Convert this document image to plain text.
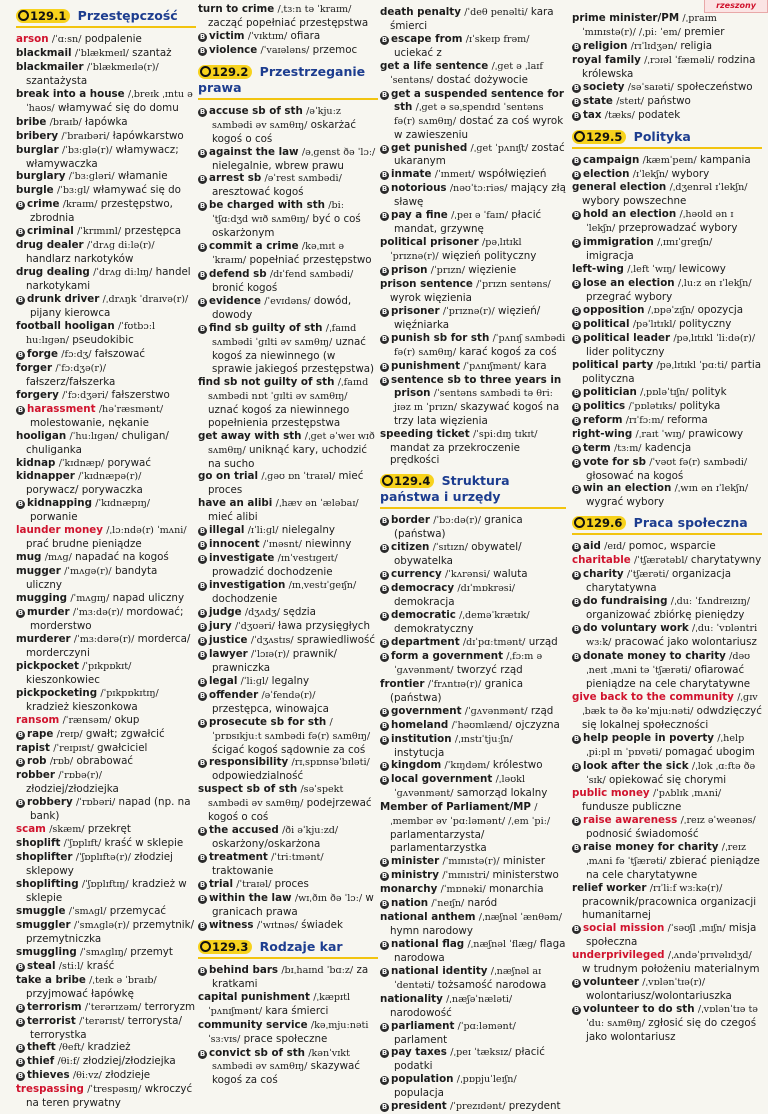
rzeszony
129.1 Przestępczość

arson /ˈɑːsn/ podpalenie

blackmail /ˈblækmeɪl/ szantaż

blackmailer /ˈblækmeɪlə(r)/ szantażysta

break into a house /ˌbreɪk ˌɪntu ə ˈhaʊs/ włamywać się do domu

bribe /braɪb/ łapówka

bribery /ˈbraɪbəri/ łapówkarstwo

burglar /ˈbɜːɡlə(r)/ włamywacz; włamywaczka

burglary /ˈbɜːɡləri/ włamanie

burgle /ˈbɜːɡl/ włamywać się do

B crime /kraɪm/ przestępstwo, zbrodnia

B criminal /ˈkrɪmɪnl/ przestępca

drug dealer /ˈdrʌɡ diːlə(r)/ handlarz narkotyków

drug dealing /ˈdrʌɡ diːlɪŋ/ handel narkotykami

B drunk driver /ˌdrʌŋk ˈdraɪvə(r)/ pijany kierowca

football hooligan /ˈfʊtbɔːl huːlɪɡən/ pseudokibic

B forge /fɔːdʒ/ fałszować

forger /ˈfɔːdʒə(r)/ fałszerz/fałszerka

forgery /ˈfɔːdʒəri/ fałszerstwo

B harassment /həˈræsmənt/ molestowanie, nękanie

hooligan /ˈhuːlɪɡən/ chuligan/ chuliganka

kidnap /ˈkɪdnæp/ porywać

kidnapper /ˈkɪdnæpə(r)/ porywacz/ porywaczka

B kidnapping /ˈkɪdnæpɪŋ/ porwanie

launder money /ˌlɔːndə(r) ˈmʌni/ prać brudne pieniądze

mug /mʌɡ/ napadać na kogoś

mugger /ˈmʌɡə(r)/ bandyta uliczny

mugging /ˈmʌɡɪŋ/ napad uliczny

B murder /ˈmɜːdə(r)/ mordować; morderstwo

murderer /ˈmɜːdərə(r)/ morderca/ morderczyni

pickpocket /ˈpɪkpɒkɪt/ kieszonkowiec

pickpocketing /ˈpɪkpɒkɪtɪŋ/ kradzież kieszonkowa

ransom /ˈrænsəm/ okup

B rape /reɪp/ gwałt; zgwałcić

rapist /ˈreɪpɪst/ gwałciciel

B rob /rɒb/ obrabować

robber /ˈrɒbə(r)/ złodziej/złodziejka

B robbery /ˈrɒbəri/ napad (np. na bank)

scam /skæm/ przekręt

shoplift /ˈʃɒplɪft/ kraść w sklepie

shoplifter /ˈʃɒplɪftə(r)/ złodziej sklepowy

shoplifting /ˈʃɒplɪftɪŋ/ kradzież w sklepie

smuggle /ˈsmʌɡl/ przemycać

smuggler /ˈsmʌɡlə(r)/ przemytnik/ przemytniczka

smuggling /ˈsmʌɡlɪŋ/ przemyt

B steal /stiːl/ kraść

take a bribe /ˌteɪk ə ˈbraɪb/ przyjmować łapówkę

B terrorism /ˈterərɪzəm/ terroryzm

B terrorist /ˈterərɪst/ terrorysta/ terrorystka

B theft /θeft/ kradzież

B thief /θiːf/ złodziej/złodziejka

B thieves /θiːvz/ złodzieje

trespassing /ˈtrespəsɪŋ/ wkroczyć na teren prywatny

turn to crime /ˌtɜːn tə ˈkraɪm/ zacząć popełniać przestępstwa

B victim /ˈvɪktɪm/ ofiara

B violence /ˈvaɪələns/ przemoc

129.2 Przestrzeganie prawa

B accuse sb of sth /əˈkjuːz sʌmbədi əv sʌmθɪŋ/ oskarżać kogoś o coś

B against the law /əˌɡenst ðə ˈlɔː/ nielegalnie, wbrew prawu

B arrest sb /əˈrest sʌmbədi/ aresztować kogoś

B be charged with sth /biː ˈtʃɑːdʒd wɪð sʌmθɪŋ/ być o coś oskarżonym

B commit a crime /kəˌmɪt ə ˈkraɪm/ popełniać przestępstwo

B defend sb /dɪˈfend sʌmbədi/ bronić kogoś

B evidence /ˈevɪdəns/ dowód, dowody

B find sb guilty of sth /ˌfaɪnd sʌmbədi ˈɡɪlti əv sʌmθɪŋ/ uznać kogoś za niewinnego (w sprawie jakiegoś przestępstwa)

find sb not guilty of sth /ˌfaɪnd sʌmbədi nɒt ˈɡɪlti əv sʌmθɪŋ/ uznać kogoś za niewinnego popełnienia przestępstwa

get away with sth /ˌɡet əˈweɪ wɪð sʌmθɪŋ/ uniknąć kary, uchodzić na sucho

go on trial /ˌɡəʊ ɒn ˈtraɪəl/ mieć proces

have an alibi /ˌhæv ən ˈæləbaɪ/ mieć alibi

B illegal /ɪˈliːɡl/ nielegalny

B innocent /ˈɪnəsnt/ niewinny

B investigate /ɪnˈvestɪɡeɪt/ prowadzić dochodzenie

B investigation /ɪnˌvestɪˈɡeɪʃn/ dochodzenie

B judge /dʒʌdʒ/ sędzia

B jury /ˈdʒʊəri/ ława przysięgłych

B justice /ˈdʒʌstɪs/ sprawiedliwość

B lawyer /ˈlɔɪə(r)/ prawnik/ prawniczka

B legal /ˈliːɡl/ legalny

B offender /əˈfendə(r)/ przestępca, winowajca

B prosecute sb for sth /ˈprɒsɪkjuːt sʌmbədi fə(r) sʌmθɪŋ/ ścigać kogoś sądownie za coś

B responsibility /rɪˌspɒnsəˈbɪləti/ odpowiedzialność

suspect sb of sth /səˈspekt sʌmbədi əv sʌmθɪŋ/ podejrzewać kogoś o coś

B the accused /ði əˈkjuːzd/ oskarżony/oskarżona

B treatment /ˈtriːtmənt/ traktowanie

B trial /ˈtraɪəl/ proces

B within the law /wɪˌðɪn ðə ˈlɔː/ w granicach prawa

B witness /ˈwɪtnəs/ świadek

129.3 Rodzaje kar

B behind bars /bɪˌhaɪnd ˈbɑːz/ za kratkami

capital punishment /ˌkæpɪtl ˈpʌnɪʃmənt/ kara śmierci

community service /kəˌmjuːnəti ˈsɜːvɪs/ prace społeczne

B convict sb of sth /kənˈvɪkt sʌmbədi əv sʌmθɪŋ/ skazywać kogoś za coś

death penalty /ˈdeθ penəlti/ kara śmierci

B escape from /ɪˈskeɪp frəm/ uciekać z

get a life sentence /ˌɡet ə ˌlaɪf ˈsentəns/ dostać dożywocie

B get a suspended sentence for sth /ˌɡet ə səˌspendɪd ˈsentəns fə(r) sʌmθɪŋ/ dostać za coś wyrok w zawieszeniu

B get punished /ˌɡet ˈpʌnɪʃt/ zostać ukaranym

B inmate /ˈɪnmeɪt/ współwięzień

B notorious /nəʊˈtɔːriəs/ mający złą sławę

B pay a fine /ˌpeɪ ə ˈfaɪn/ płacić mandat, grzywnę

political prisoner /pəˌlɪtɪkl ˈprɪznə(r)/ więzień polityczny

B prison /ˈprɪzn/ więzienie

prison sentence /ˈprɪzn sentəns/ wyrok więzienia

B prisoner /ˈprɪznə(r)/ więzień/ więźniarka

B punish sb for sth /ˈpʌnɪʃ sʌmbədi fə(r) sʌmθɪŋ/ karać kogoś za coś

B punishment /ˈpʌnɪʃmənt/ kara

B sentence sb to three years in prison /ˈsentəns sʌmbədi tə θriː jɪəz ɪn ˈprɪzn/ skazywać kogoś na trzy lata więzienia

speeding ticket /ˈspiːdɪŋ tɪkɪt/ mandat za przekroczenie prędkości

129.4 Struktura państwa i urzędy

B border /ˈbɔːdə(r)/ granica (państwa)

B citizen /ˈsɪtɪzn/ obywatel/ obywatelka

B currency /ˈkʌrənsi/ waluta

B democracy /dɪˈmɒkrəsi/ demokracja

B democratic /ˌdeməˈkrætɪk/ demokratyczny

B department /dɪˈpɑːtmənt/ urząd

B form a government /ˌfɔːm ə ˈɡʌvənmənt/ tworzyć rząd

frontier /ˈfrʌntɪə(r)/ granica (państwa)

B government /ˈɡʌvənmənt/ rząd

B homeland /ˈhəʊmlænd/ ojczyzna

B institution /ˌɪnstɪˈtjuːʃn/ instytucja

B kingdom /ˈkɪŋdəm/ królestwo

B local government /ˌləʊkl ˈɡʌvənmənt/ samorząd lokalny

Member of Parliament/MP /ˌmembər əv ˈpɑːləmənt/ /ˌem ˈpiː/ parlamentarzysta/ parlamentarzystka

B minister /ˈmɪnɪstə(r)/ minister

B ministry /ˈmɪnɪstri/ ministerstwo

monarchy /ˈmɒnəki/ monarchia

B nation /ˈneɪʃn/ naród

national anthem /ˌnæʃnəl ˈænθəm/ hymn narodowy

B national flag /ˌnæʃnəl ˈflæɡ/ flaga narodowa

B national identity /ˌnæʃnəl aɪˈdentəti/ tożsamość narodowa

nationality /ˌnæʃəˈnæləti/ narodowość

B parliament /ˈpɑːləmənt/ parlament

B pay taxes /ˌpeɪ ˈtæksɪz/ płacić podatki

B population /ˌpɒpjuˈleɪʃn/ populacja

B president /ˈprezɪdənt/ prezydent

prime minister/PM /ˌpraɪm ˈmɪnɪstə(r)/ /ˌpiː ˈem/ premier

B religion /rɪˈlɪdʒən/ religia

royal family /ˌrɔɪəl ˈfæməli/ rodzina królewska

B society /səˈsaɪəti/ społeczeństwo

B state /steɪt/ państwo

B tax /tæks/ podatek

129.5 Polityka

B campaign /kæmˈpeɪn/ kampania

B election /ɪˈlekʃn/ wybory

general election /ˌdʒenrəl ɪˈlekʃn/ wybory powszechne

B hold an election /ˌhəʊld ən ɪˈlekʃn/ przeprowadzać wybory

B immigration /ˌɪmɪˈɡreɪʃn/ imigracja

left-wing /ˌleft ˈwɪŋ/ lewicowy

B lose an election /ˌluːz ən ɪˈlekʃn/ przegrać wybory

B opposition /ˌɒpəˈzɪʃn/ opozycja

B political /pəˈlɪtɪkl/ polityczny

B political leader /pəˌlɪtɪkl ˈliːdə(r)/ lider polityczny

political party /pəˌlɪtɪkl ˈpɑːti/ partia polityczna

B politician /ˌpɒləˈtɪʃn/ polityk

B politics /ˈpɒlətɪks/ polityka

B reform /rɪˈfɔːm/ reforma

right-wing /ˌraɪt ˈwɪŋ/ prawicowy

B term /tɜːm/ kadencja

B vote for sb /ˈvəʊt fə(r) sʌmbədi/ głosować na kogoś

B win an election /ˌwɪn ən ɪˈlekʃn/ wygrać wybory

129.6 Praca społeczna

B aid /eɪd/ pomoc, wsparcie

charitable /ˈtʃærətəbl/ charytatywny

B charity /ˈtʃærəti/ organizacja charytatywna

B do fundraising /ˌduː ˈfʌndreɪzɪŋ/ organizować zbiórkę pieniędzy

B do voluntary work /ˌduː ˈvɒləntri wɜːk/ pracować jako wolontariusz

B donate money to charity /dəʊˌneɪt ˌmʌni tə ˈtʃærəti/ ofiarować pieniądze na cele charytatywne

give back to the community /ˌɡɪv ˌbæk tə ðə kəˈmjuːnəti/ odwdzięczyć się lokalnej społeczności

B help people in poverty /ˌhelp ˌpiːpl ɪn ˈpɒvəti/ pomagać ubogim

B look after the sick /ˌlʊk ˌɑːftə ðə ˈsɪk/ opiekować się chorymi

public money /ˈpʌblɪk ˌmʌni/ fundusze publiczne

B raise awareness /ˌreɪz əˈweənəs/ podnosić świadomość

B raise money for charity /ˌreɪz ˌmʌni fə ˈtʃærəti/ zbierać pieniądze na cele charytatywne

relief worker /rɪˈliːf wɜːkə(r)/ pracownik/pracownica organizacji humanitarnej

B social mission /ˈsəʊʃl ˌmɪʃn/ misja społeczna

underprivileged /ˌʌndəˈprɪvəlɪdʒd/ w trudnym położeniu materialnym

B volunteer /ˌvɒlənˈtɪə(r)/ wolontariusz/wolontariuszka

B volunteer to do sth /ˌvɒlənˈtɪə tə ˈduː sʌmθɪŋ/ zgłosić się do czegoś jako wolontariusz
